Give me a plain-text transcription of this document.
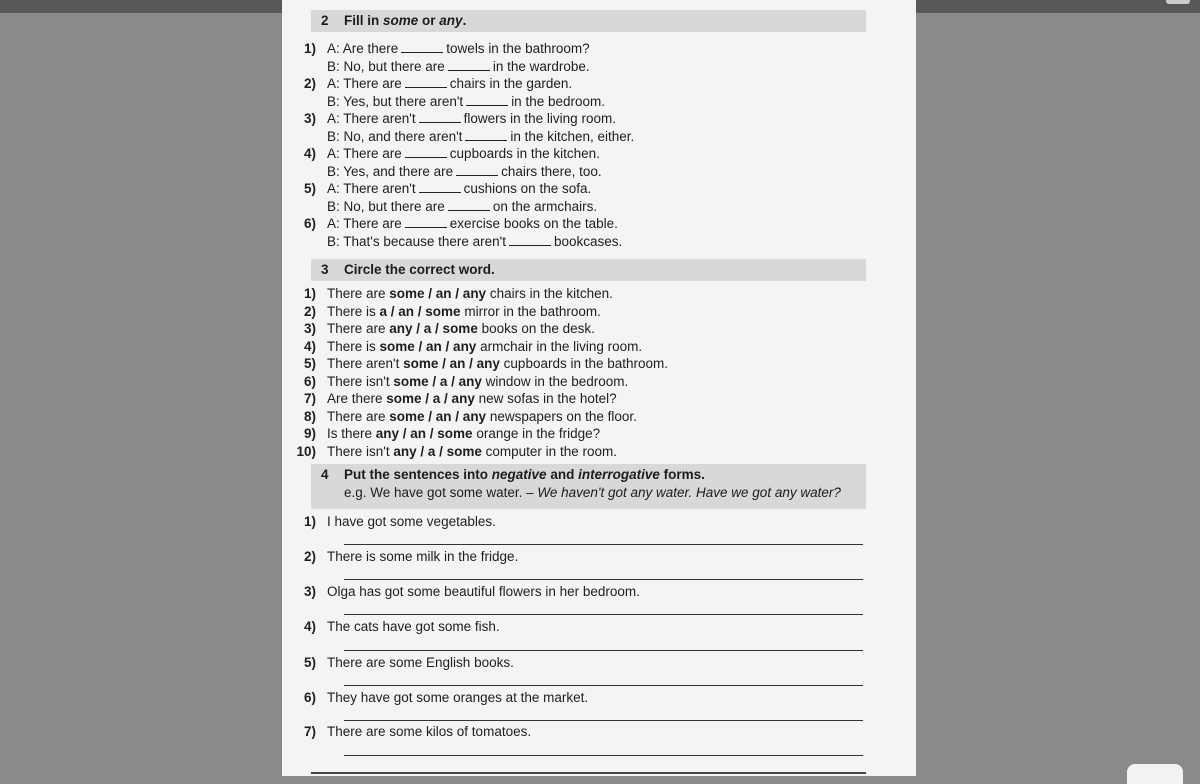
2 Fill in some or any.
1) A: Are there	towels in the bathroom?
B: No, but there are	in the wardrobe.
2) A: There are	chairs in the garden.
B: Yes, but there aren't	in the bedroom.
3) A: There aren't	flowers in the living room.
B: No, and there aren't	in the kitchen, either.
4) A: There are	cupboards in the kitchen.
B: Yes, and there are	chairs there, too.
5) A: There aren't	cushions on the sofa.
B: No, but there are	on the armchairs.
6) A: There are	exercise books on the table.
B: That's because there aren't	bookcases.
3 Circle the correct word.
1) There are some / an / any chairs in the kitchen.
2) There is a / an / some mirror in the bathroom.
3) There are any / a / some books on the desk.
4) There is some / an / any armchair in the living room.
5) There aren't some / an / any cupboards in the bathroom.
6) There isn't some / a / any window in the bedroom.
7) Are there some / a / any new sofas in the hotel?
8) There are some / an / any newspapers on the floor.
9) Is there any / an / some orange in the fridge?
10) There isn't any / a / some computer in the room.
4 Put the sentences into negative and interrogative forms.
e.g. We have got some water. – We haven't got any water. Have we got any water?
1) I have got some vegetables.
2) There is some milk in the fridge.
3) Olga has got some beautiful flowers in her bedroom.
4) The cats have got some fish.
5) There are some English books.
6) They have got some oranges at the market.
7) There are some kilos of tomatoes.
